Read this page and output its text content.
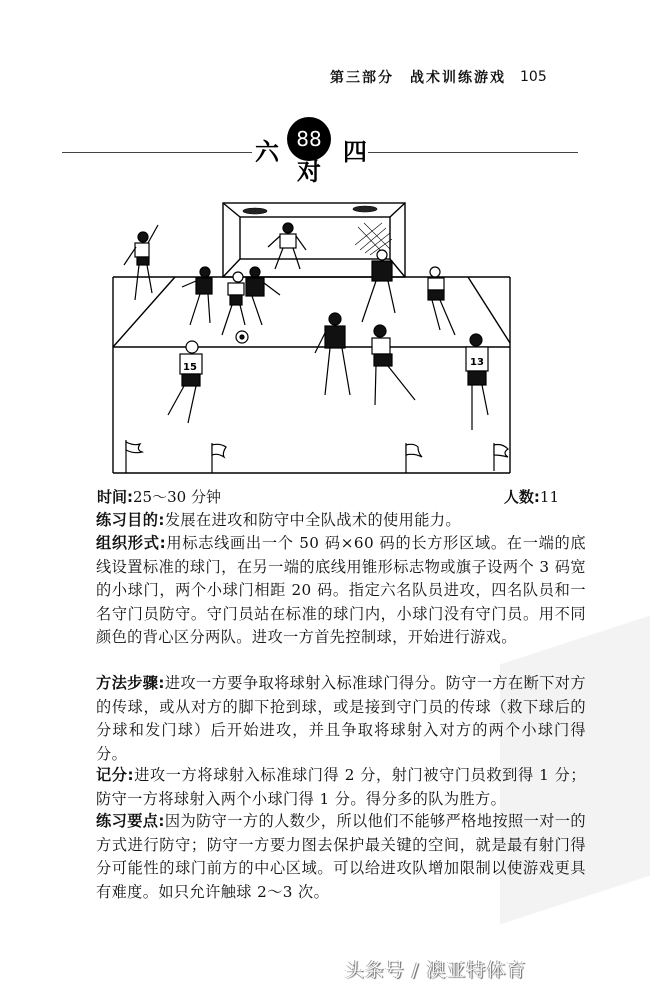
第三部分 战术训练游戏 105
六 88
对
四
15	13
时间:25～30 分钟	人数:11
练习目的:发展在进攻和防守中全队战术的使用能力。
组织形式:用标志线画出一个 50 码×60 码的长方形区域。在一端的底线设置标准的球门，在另一端的底线用锥形标志物或旗子设两个 3 码宽的小球门，两个小球门相距 20 码。指定六名队员进攻，四名队员和一名守门员防守。守门员站在标准的球门内，小球门没有守门员。用不同颜色的背心区分两队。进攻一方首先控制球，开始进行游戏。
方法步骤:进攻一方要争取将球射入标准球门得分。防守一方在断下对方的传球，或从对方的脚下抢到球，或是接到守门员的传球（救下球后的分球和发门球）后开始进攻，并且争取将球射入对方的两个小球门得分。
记分:进攻一方将球射入标准球门得 2 分，射门被守门员救到得 1 分；防守一方将球射入两个小球门得 1 分。得分多的队为胜方。
练习要点:因为防守一方的人数少，所以他们不能够严格地按照一对一的方式进行防守；防守一方要力图去保护最关键的空间，就是最有射门得分可能性的球门前方的中心区域。可以给进攻队增加限制以使游戏更具有难度。如只允许触球 2～3 次。
头条号 / 澳亚特体育
